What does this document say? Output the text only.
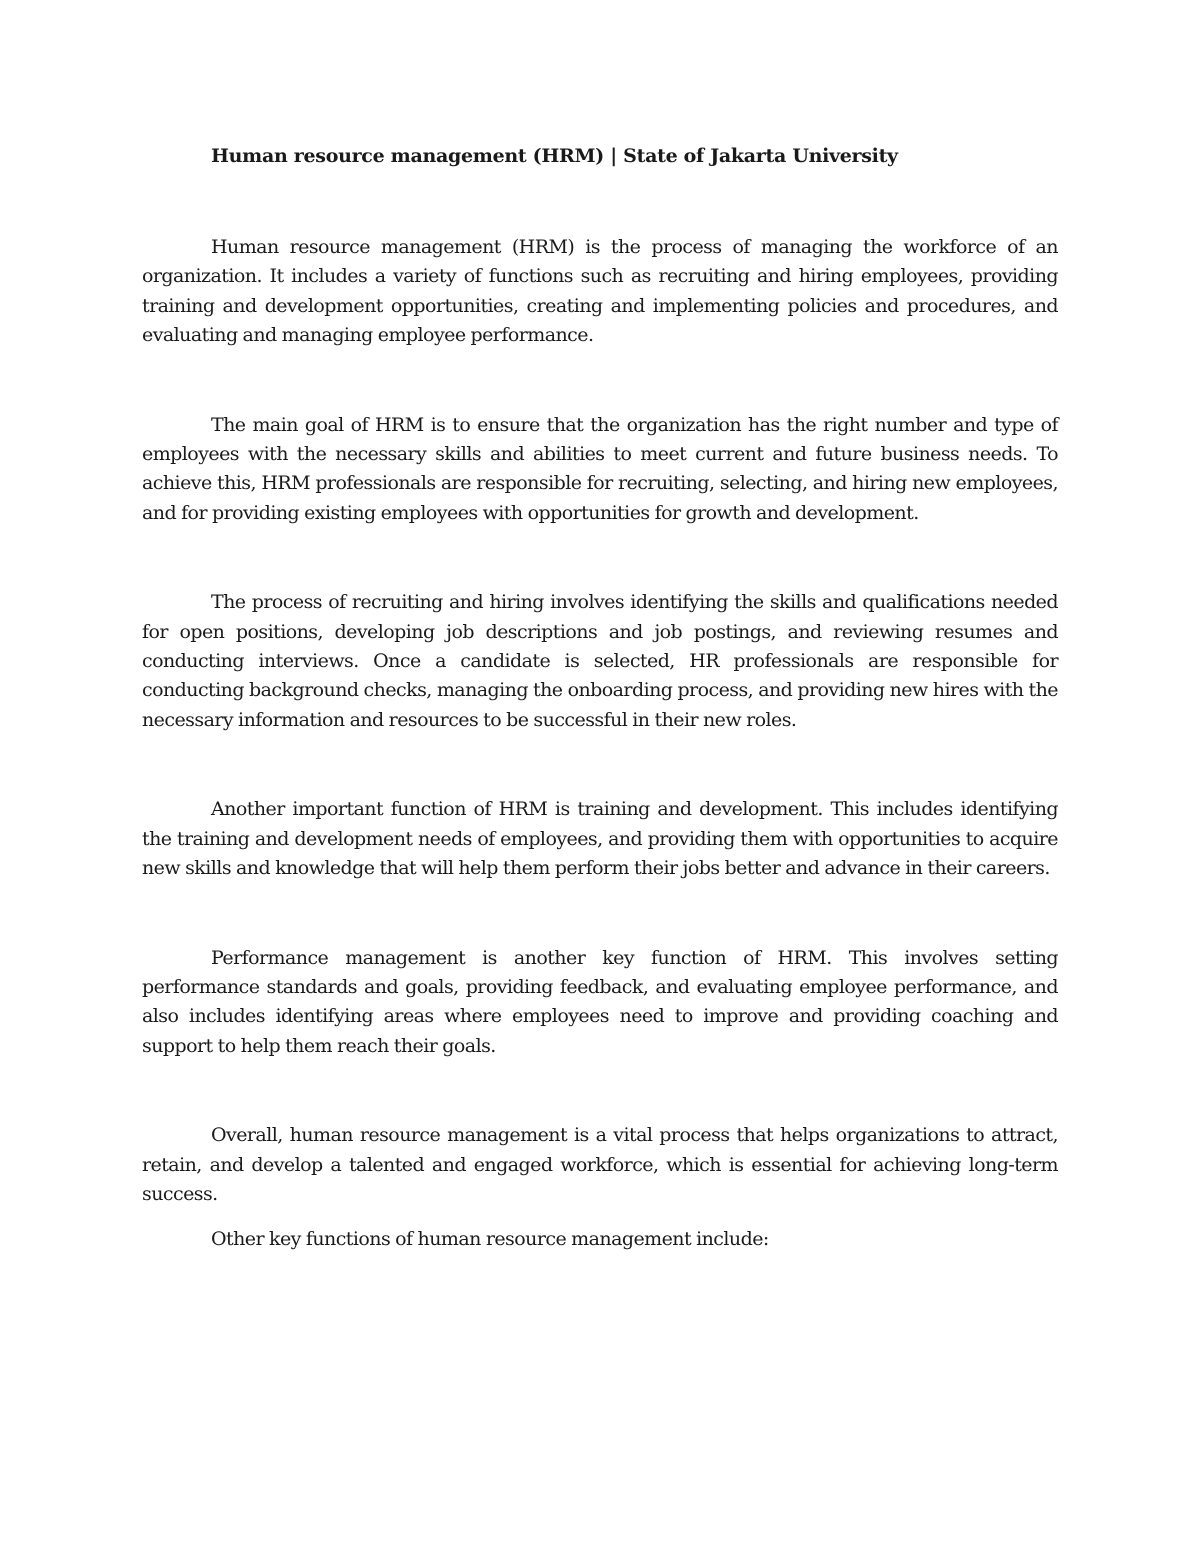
Human resource management (HRM) | State of Jakarta University

Human resource management (HRM) is the process of managing the workforce of an organization. It includes a variety of functions such as recruiting and hiring employees, providing training and development opportunities, creating and implementing policies and procedures, and evaluating and managing employee performance.

The main goal of HRM is to ensure that the organization has the right number and type of employees with the necessary skills and abilities to meet current and future business needs. To achieve this, HRM professionals are responsible for recruiting, selecting, and hiring new employees, and for providing existing employees with opportunities for growth and development.

The process of recruiting and hiring involves identifying the skills and qualifications needed for open positions, developing job descriptions and job postings, and reviewing resumes and conducting interviews. Once a candidate is selected, HR professionals are responsible for conducting background checks, managing the onboarding process, and providing new hires with the necessary information and resources to be successful in their new roles.

Another important function of HRM is training and development. This includes identifying the training and development needs of employees, and providing them with opportunities to acquire new skills and knowledge that will help them perform their jobs better and advance in their careers.

Performance management is another key function of HRM. This involves setting performance standards and goals, providing feedback, and evaluating employee performance, and also includes identifying areas where employees need to improve and providing coaching and support to help them reach their goals.

Overall, human resource management is a vital process that helps organizations to attract, retain, and develop a talented and engaged workforce, which is essential for achieving long-term success.

Other key functions of human resource management include:
